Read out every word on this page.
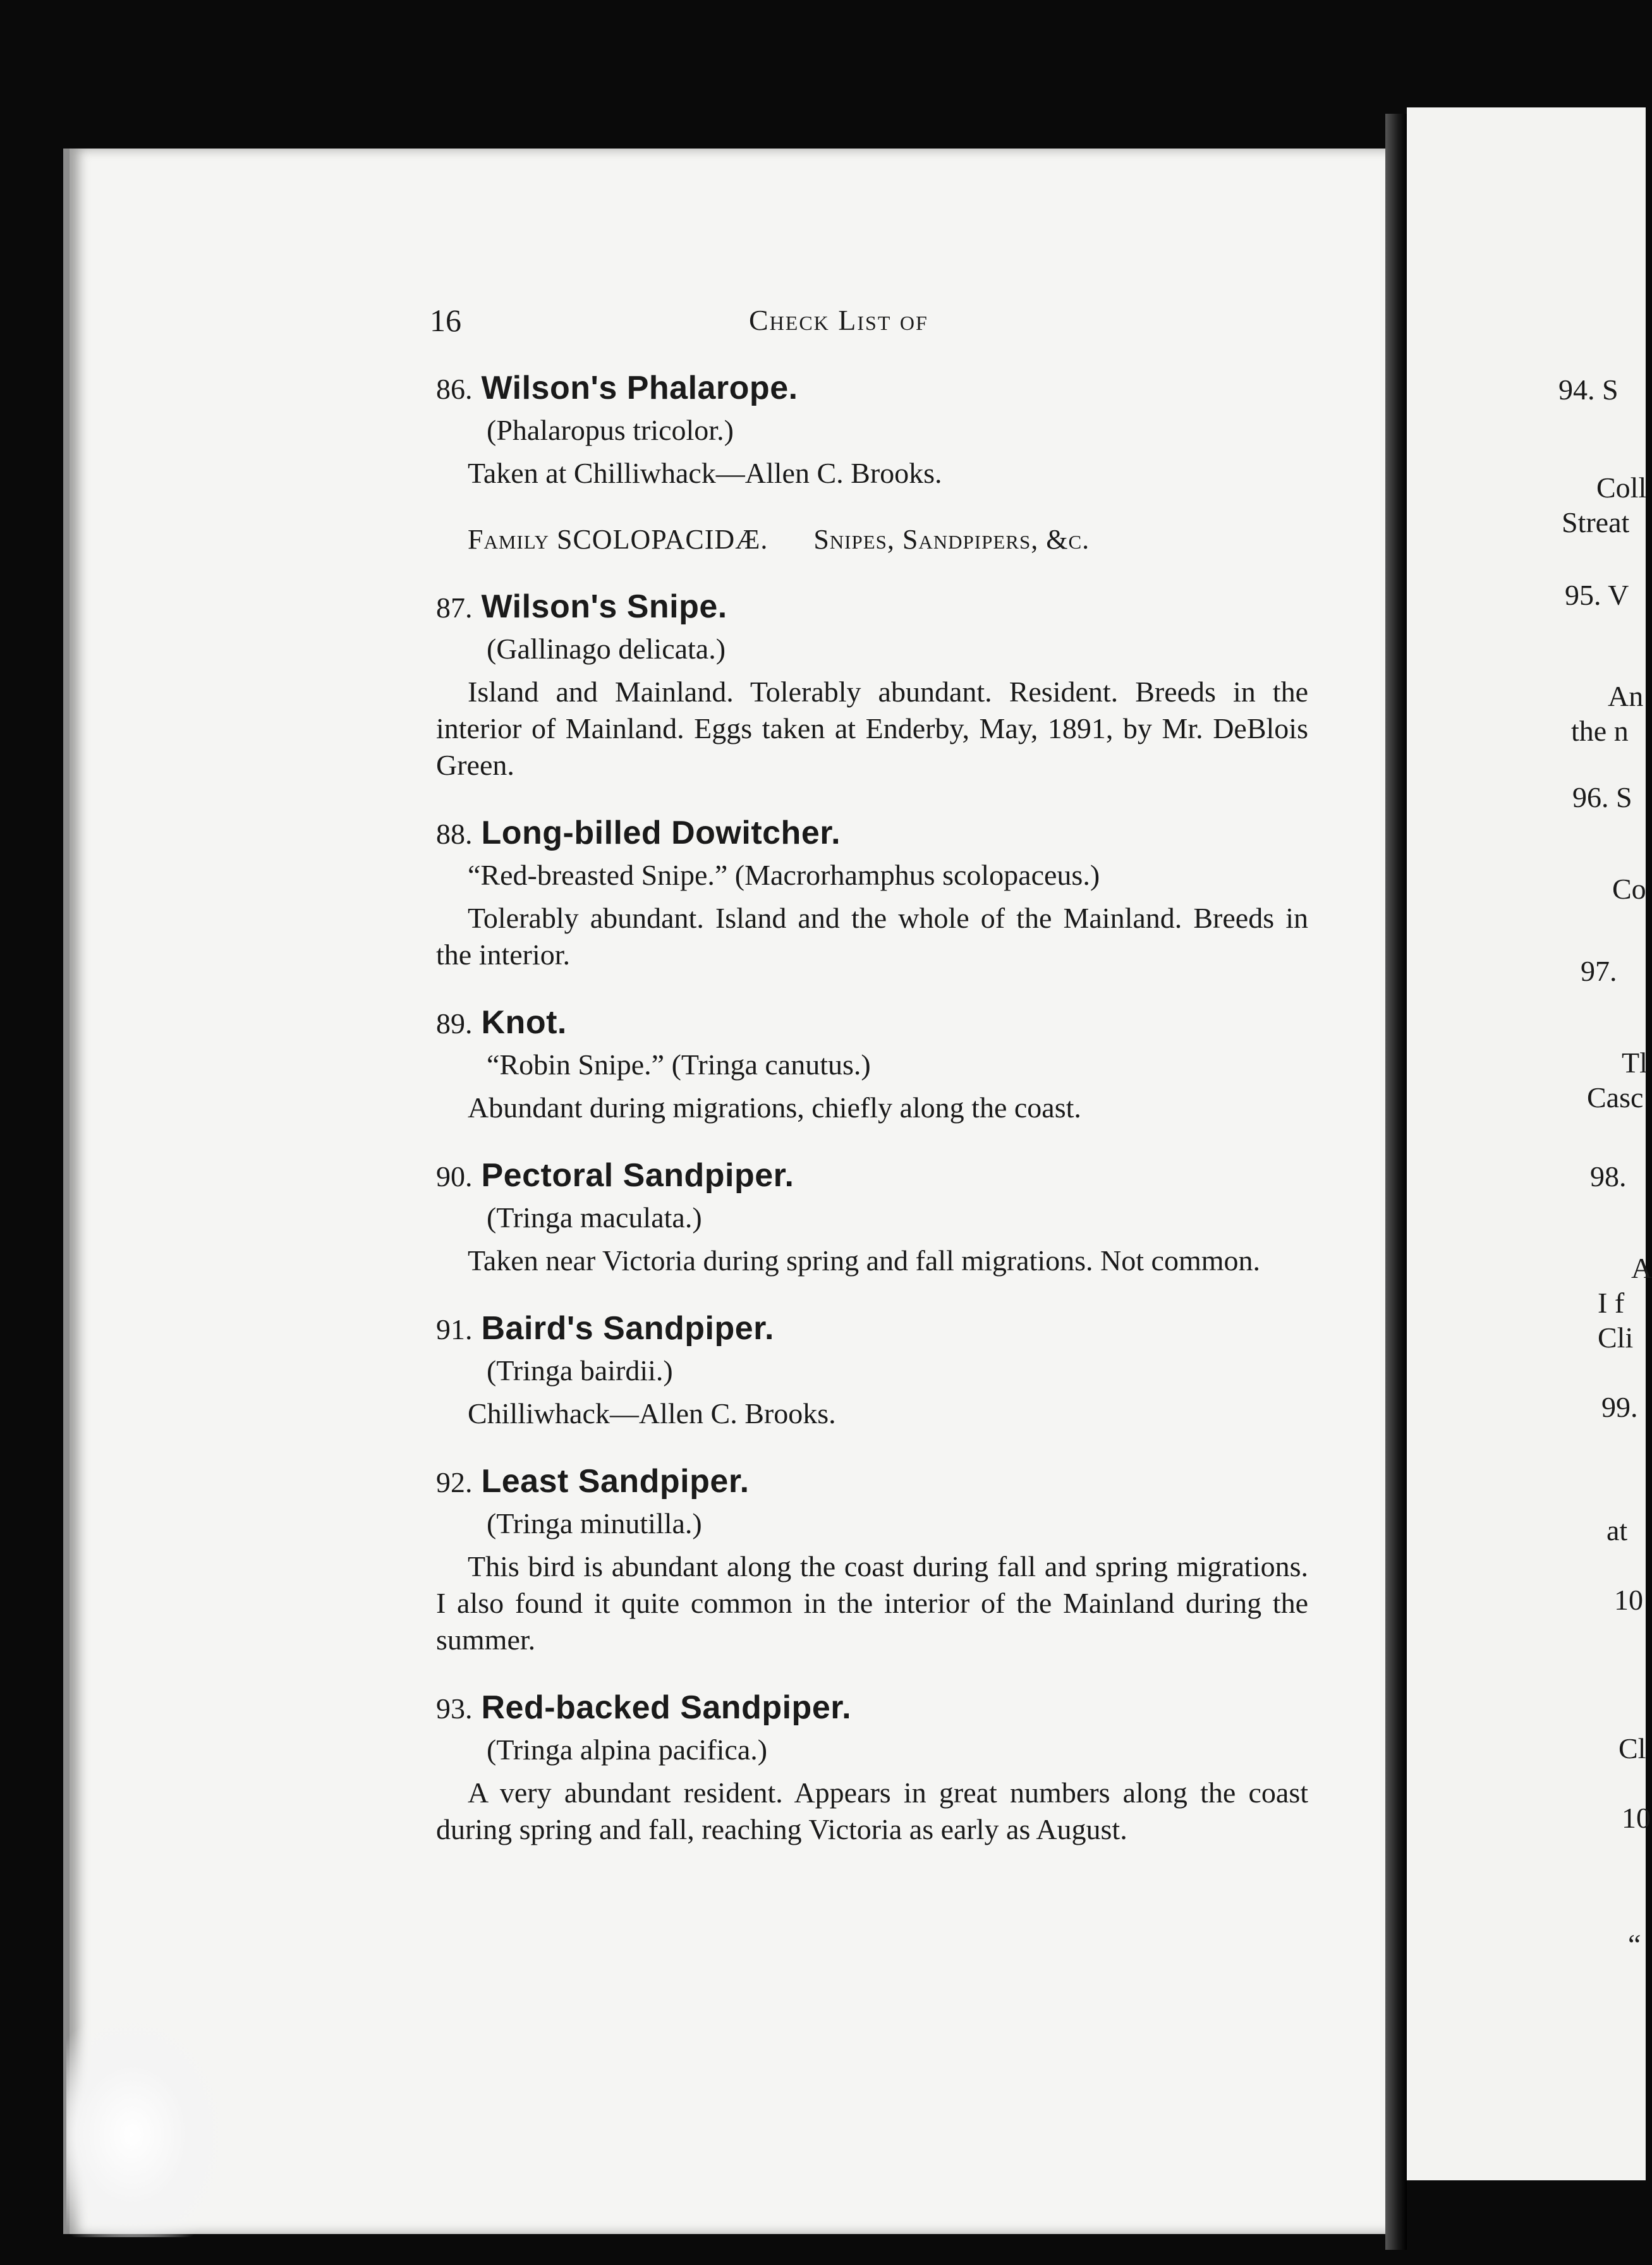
94. S
Coll
Streat
95. V
An
the n
96. S
Co
97.
Tl
Casc
98.
A
I f
Cli
99.
at
10
Cl
10
“
16	Check List of
86. Wilson's Phalarope.
(Phalaropus tricolor.)
Taken at Chilliwhack—Allen C. Brooks.
Family SCOLOPACIDÆ. Snipes, Sandpipers, &c.
87. Wilson's Snipe.
(Gallinago delicata.)
Island and Mainland. Tolerably abundant. Resident. Breeds in the interior of Mainland. Eggs taken at Enderby, May, 1891, by Mr. DeBlois Green.
88. Long-billed Dowitcher.
“Red-breasted Snipe.” (Macrorhamphus scolopaceus.)
Tolerably abundant. Island and the whole of the Mainland. Breeds in the interior.
89. Knot.
“Robin Snipe.” (Tringa canutus.)
Abundant during migrations, chiefly along the coast.
90. Pectoral Sandpiper.
(Tringa maculata.)
Taken near Victoria during spring and fall migrations. Not common.
91. Baird's Sandpiper.
(Tringa bairdii.)
Chilliwhack—Allen C. Brooks.
92. Least Sandpiper.
(Tringa minutilla.)
This bird is abundant along the coast during fall and spring migrations. I also found it quite common in the interior of the Mainland during the summer.
93. Red-backed Sandpiper.
(Tringa alpina pacifica.)
A very abundant resident. Appears in great numbers along the coast during spring and fall, reaching Victoria as early as August.
